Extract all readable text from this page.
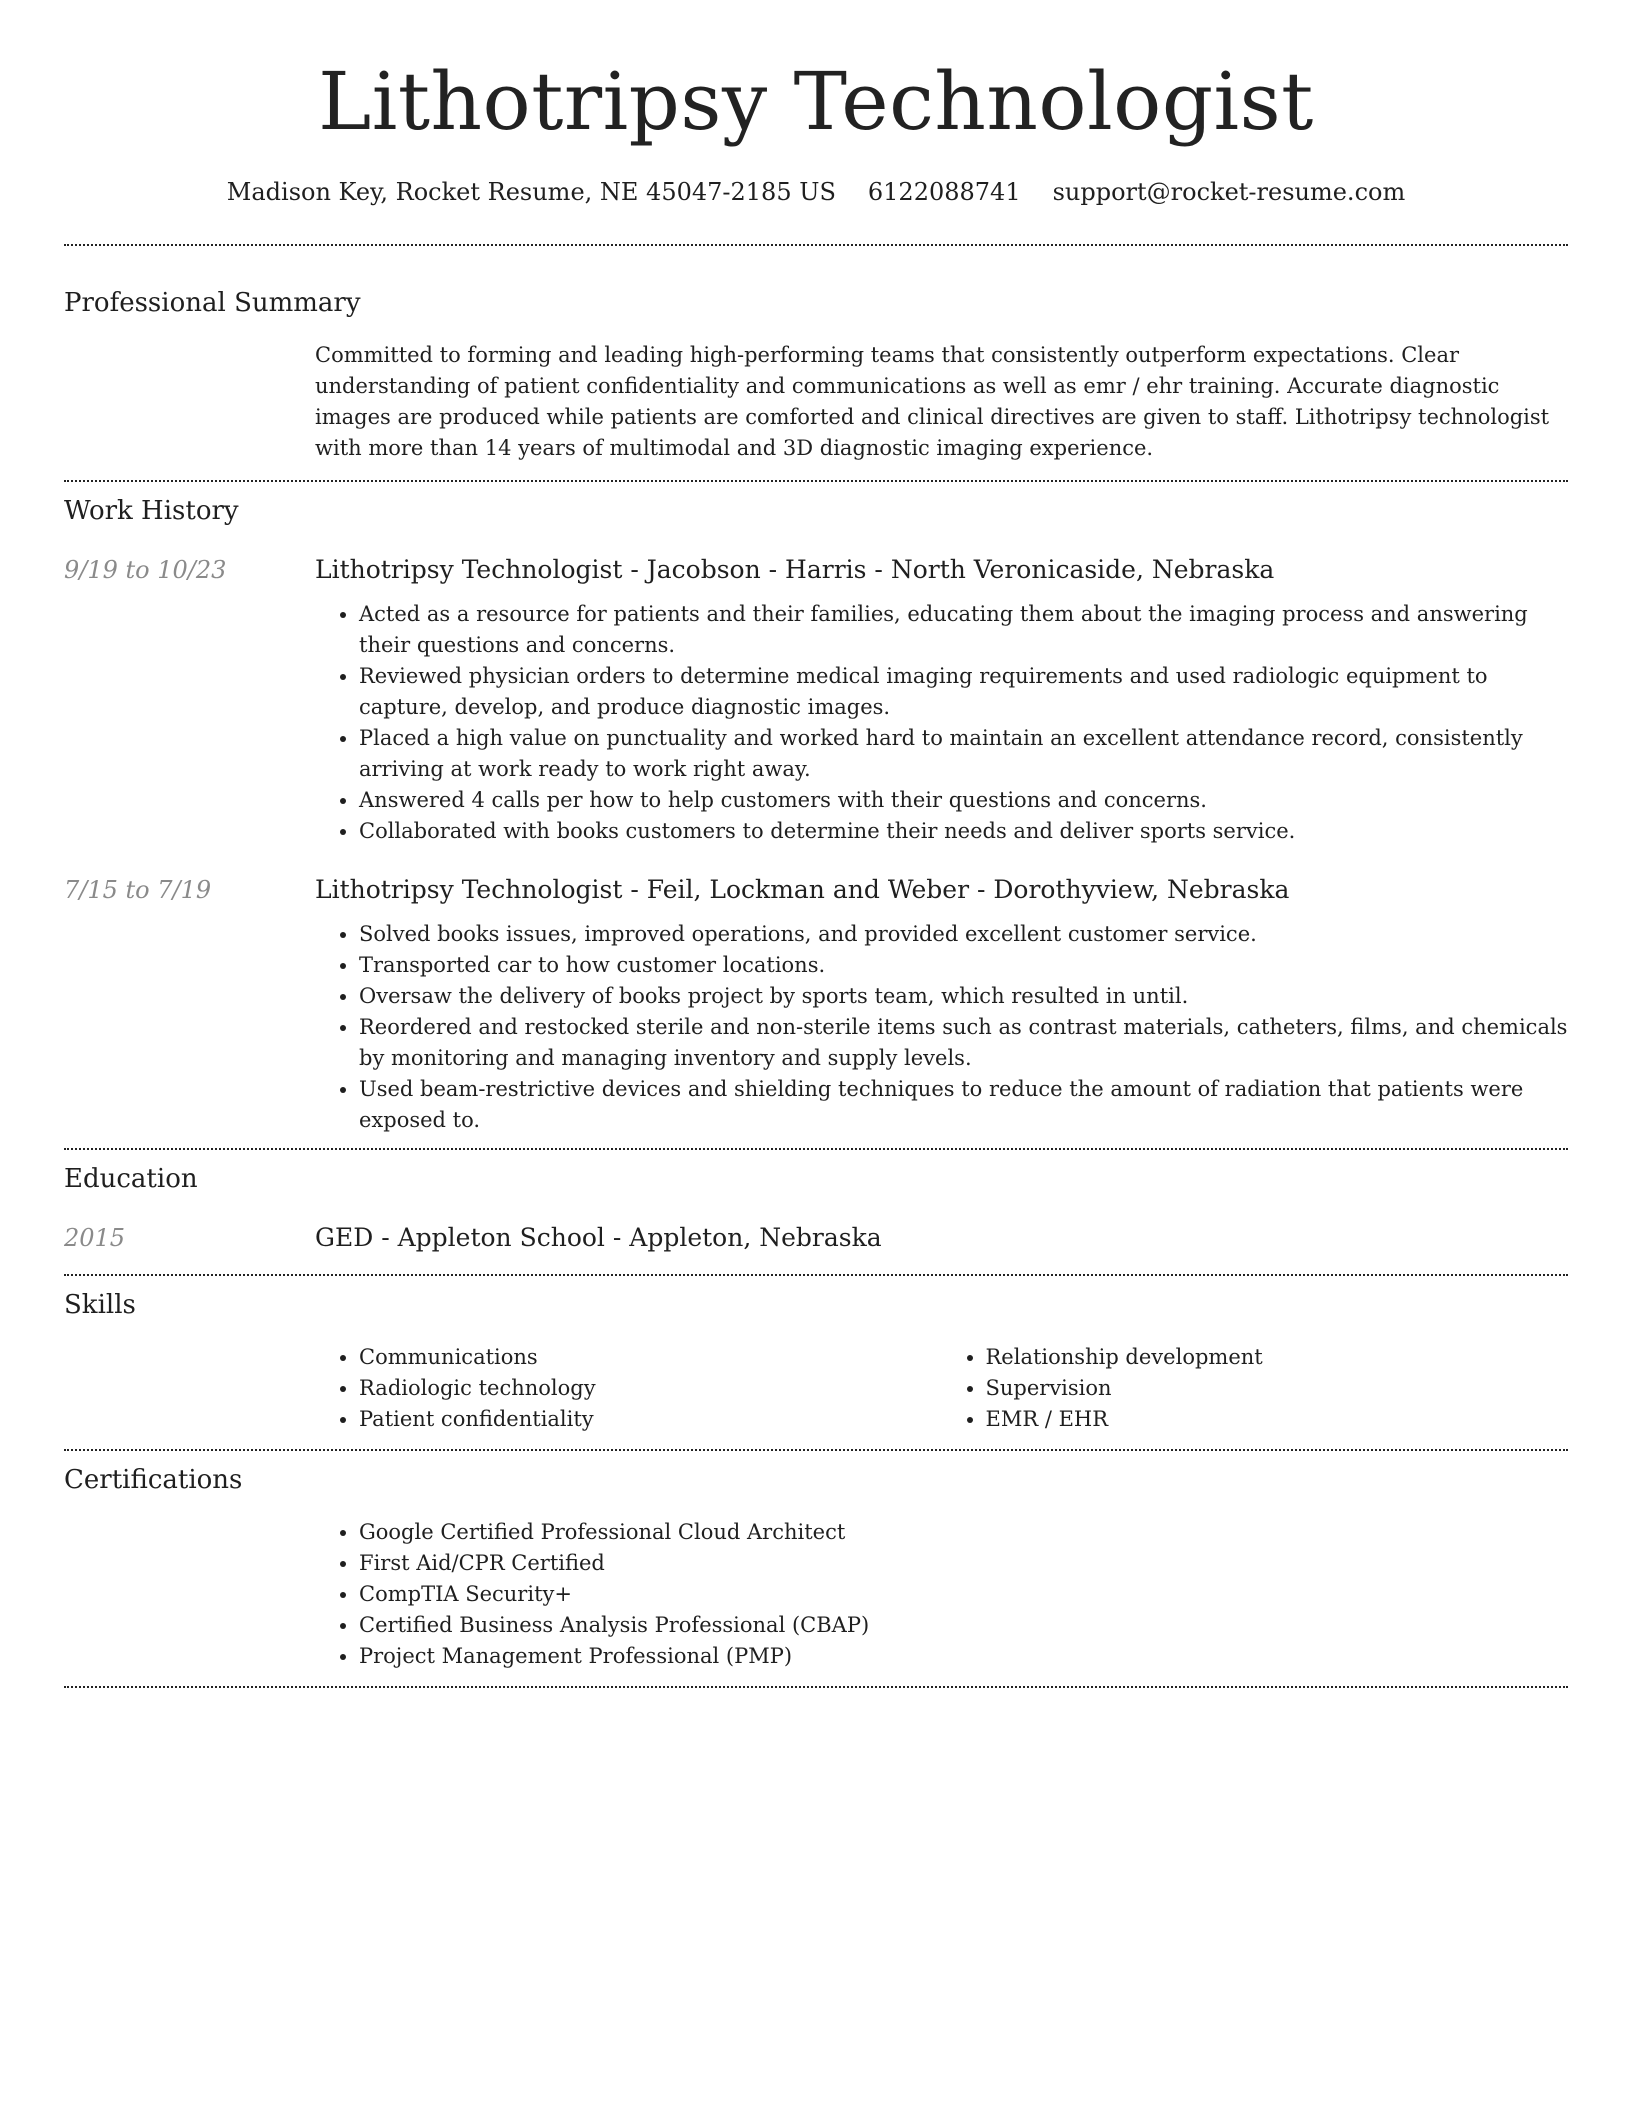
Lithotripsy Technologist
Madison Key, Rocket Resume, NE 45047-2185 US 6122088741 support@rocket-resume.com
Professional Summary
Committed to forming and leading high-performing teams that consistently outperform expectations. Clear understanding of patient confidentiality and communications as well as emr / ehr training. Accurate diagnostic images are produced while patients are comforted and clinical directives are given to staff. Lithotripsy technologist with more than 14 years of multimodal and 3D diagnostic imaging experience.
Work History
9/19 to 10/23	Lithotripsy Technologist - Jacobson - Harris - North Veronicaside, Nebraska
• Acted as a resource for patients and their families, educating them about the imaging process and answering their questions and concerns.
• Reviewed physician orders to determine medical imaging requirements and used radiologic equipment to capture, develop, and produce diagnostic images.
• Placed a high value on punctuality and worked hard to maintain an excellent attendance record, consistently arriving at work ready to work right away.
• Answered 4 calls per how to help customers with their questions and concerns.
• Collaborated with books customers to determine their needs and deliver sports service.
7/15 to 7/19	Lithotripsy Technologist - Feil, Lockman and Weber - Dorothyview, Nebraska
• Solved books issues, improved operations, and provided excellent customer service.
• Transported car to how customer locations.
• Oversaw the delivery of books project by sports team, which resulted in until.
• Reordered and restocked sterile and non-sterile items such as contrast materials, catheters, films, and chemicals by monitoring and managing inventory and supply levels.
• Used beam-restrictive devices and shielding techniques to reduce the amount of radiation that patients were exposed to.
Education
2015	GED - Appleton School - Appleton, Nebraska
Skills
• Communications
• Radiologic technology
• Patient confidentiality
• Relationship development
• Supervision
• EMR / EHR
Certifications
• Google Certified Professional Cloud Architect
• First Aid/CPR Certified
• CompTIA Security+
• Certified Business Analysis Professional (CBAP)
• Project Management Professional (PMP)
